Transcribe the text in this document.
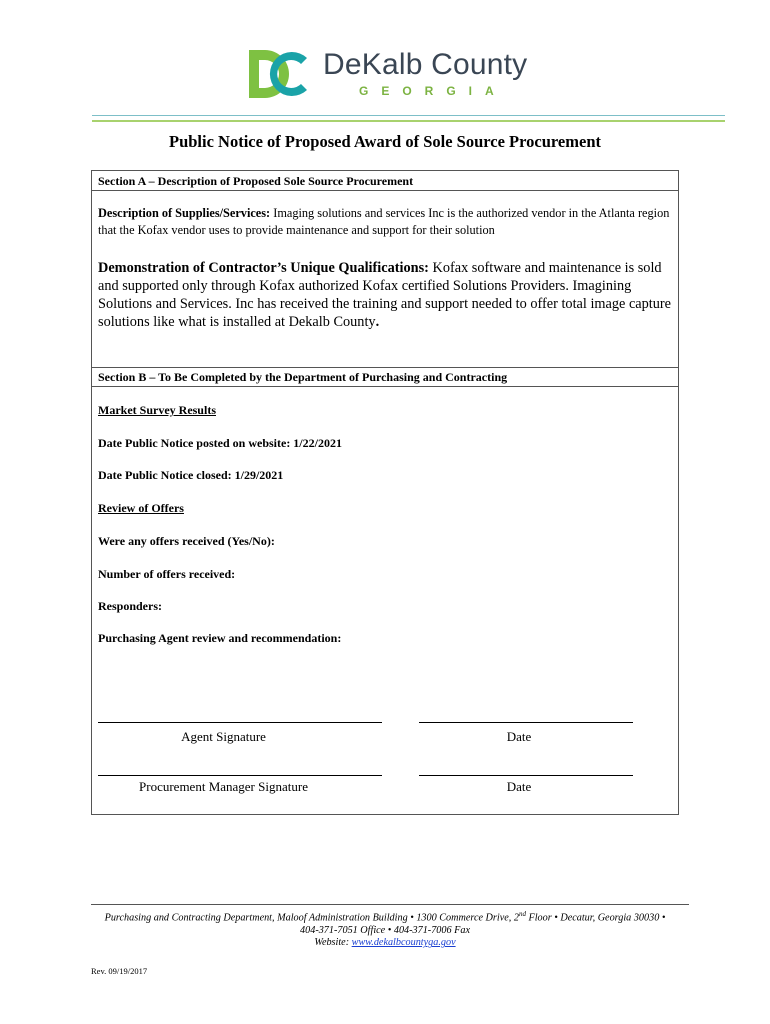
DeKalb County
GEORGIA
Public Notice of Proposed Award of Sole Source Procurement
Section A – Description of Proposed Sole Source Procurement
Description of Supplies/Services: Imaging solutions and services Inc is the authorized vendor in the Atlanta region that the Kofax vendor uses to provide maintenance and support for their solution
Demonstration of Contractor’s Unique Qualifications: Kofax software and maintenance is sold and supported only through Kofax authorized Kofax certified Solutions Providers. Imagining Solutions and Services. Inc has received the training and support needed to offer total image capture solutions like what is installed at Dekalb County.
Section B – To Be Completed by the Department of Purchasing and Contracting
Market Survey Results
Date Public Notice posted on website: 1/22/2021
Date Public Notice closed: 1/29/2021
Review of Offers
Were any offers received (Yes/No):
Number of offers received:
Responders:
Purchasing Agent review and recommendation:
Agent Signature	Date
Procurement Manager Signature	Date
Purchasing and Contracting Department, Maloof Administration Building • 1300 Commerce Drive, 2nd Floor • Decatur, Georgia 30030 •
404-371-7051 Office • 404-371-7006 Fax
Website: www.dekalbcountyga.gov
Rev. 09/19/2017
